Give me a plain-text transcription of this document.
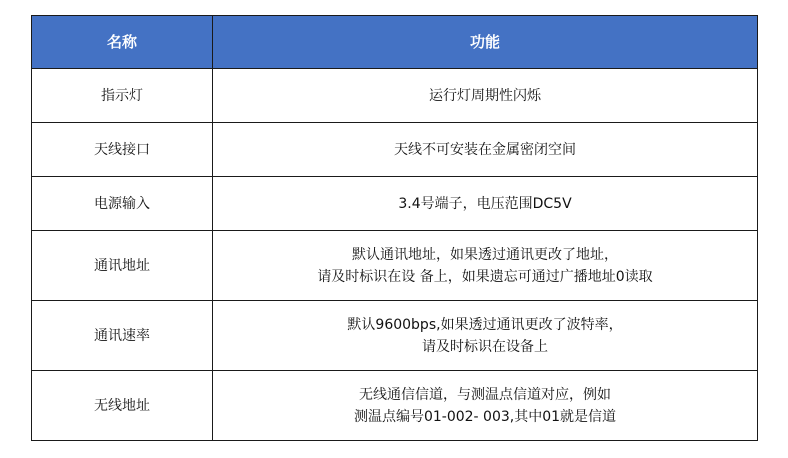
名称	功能
指示灯	运行灯周期性闪烁

天线接口	天线不可安装在金属密闭空间

电源输入	3.4号端子，电压范围DC5V

通讯地址	默认通讯地址，如果透过通讯更改了地址，
请及时标识在设 备上，如果遗忘可通过广播地址0读取

通讯速率	默认9600bps,如果透过通讯更改了波特率，
请及时标识在设备上

无线地址	无线通信信道，与测温点信道对应，例如
测温点编号01-002- 003,其中01就是信道
